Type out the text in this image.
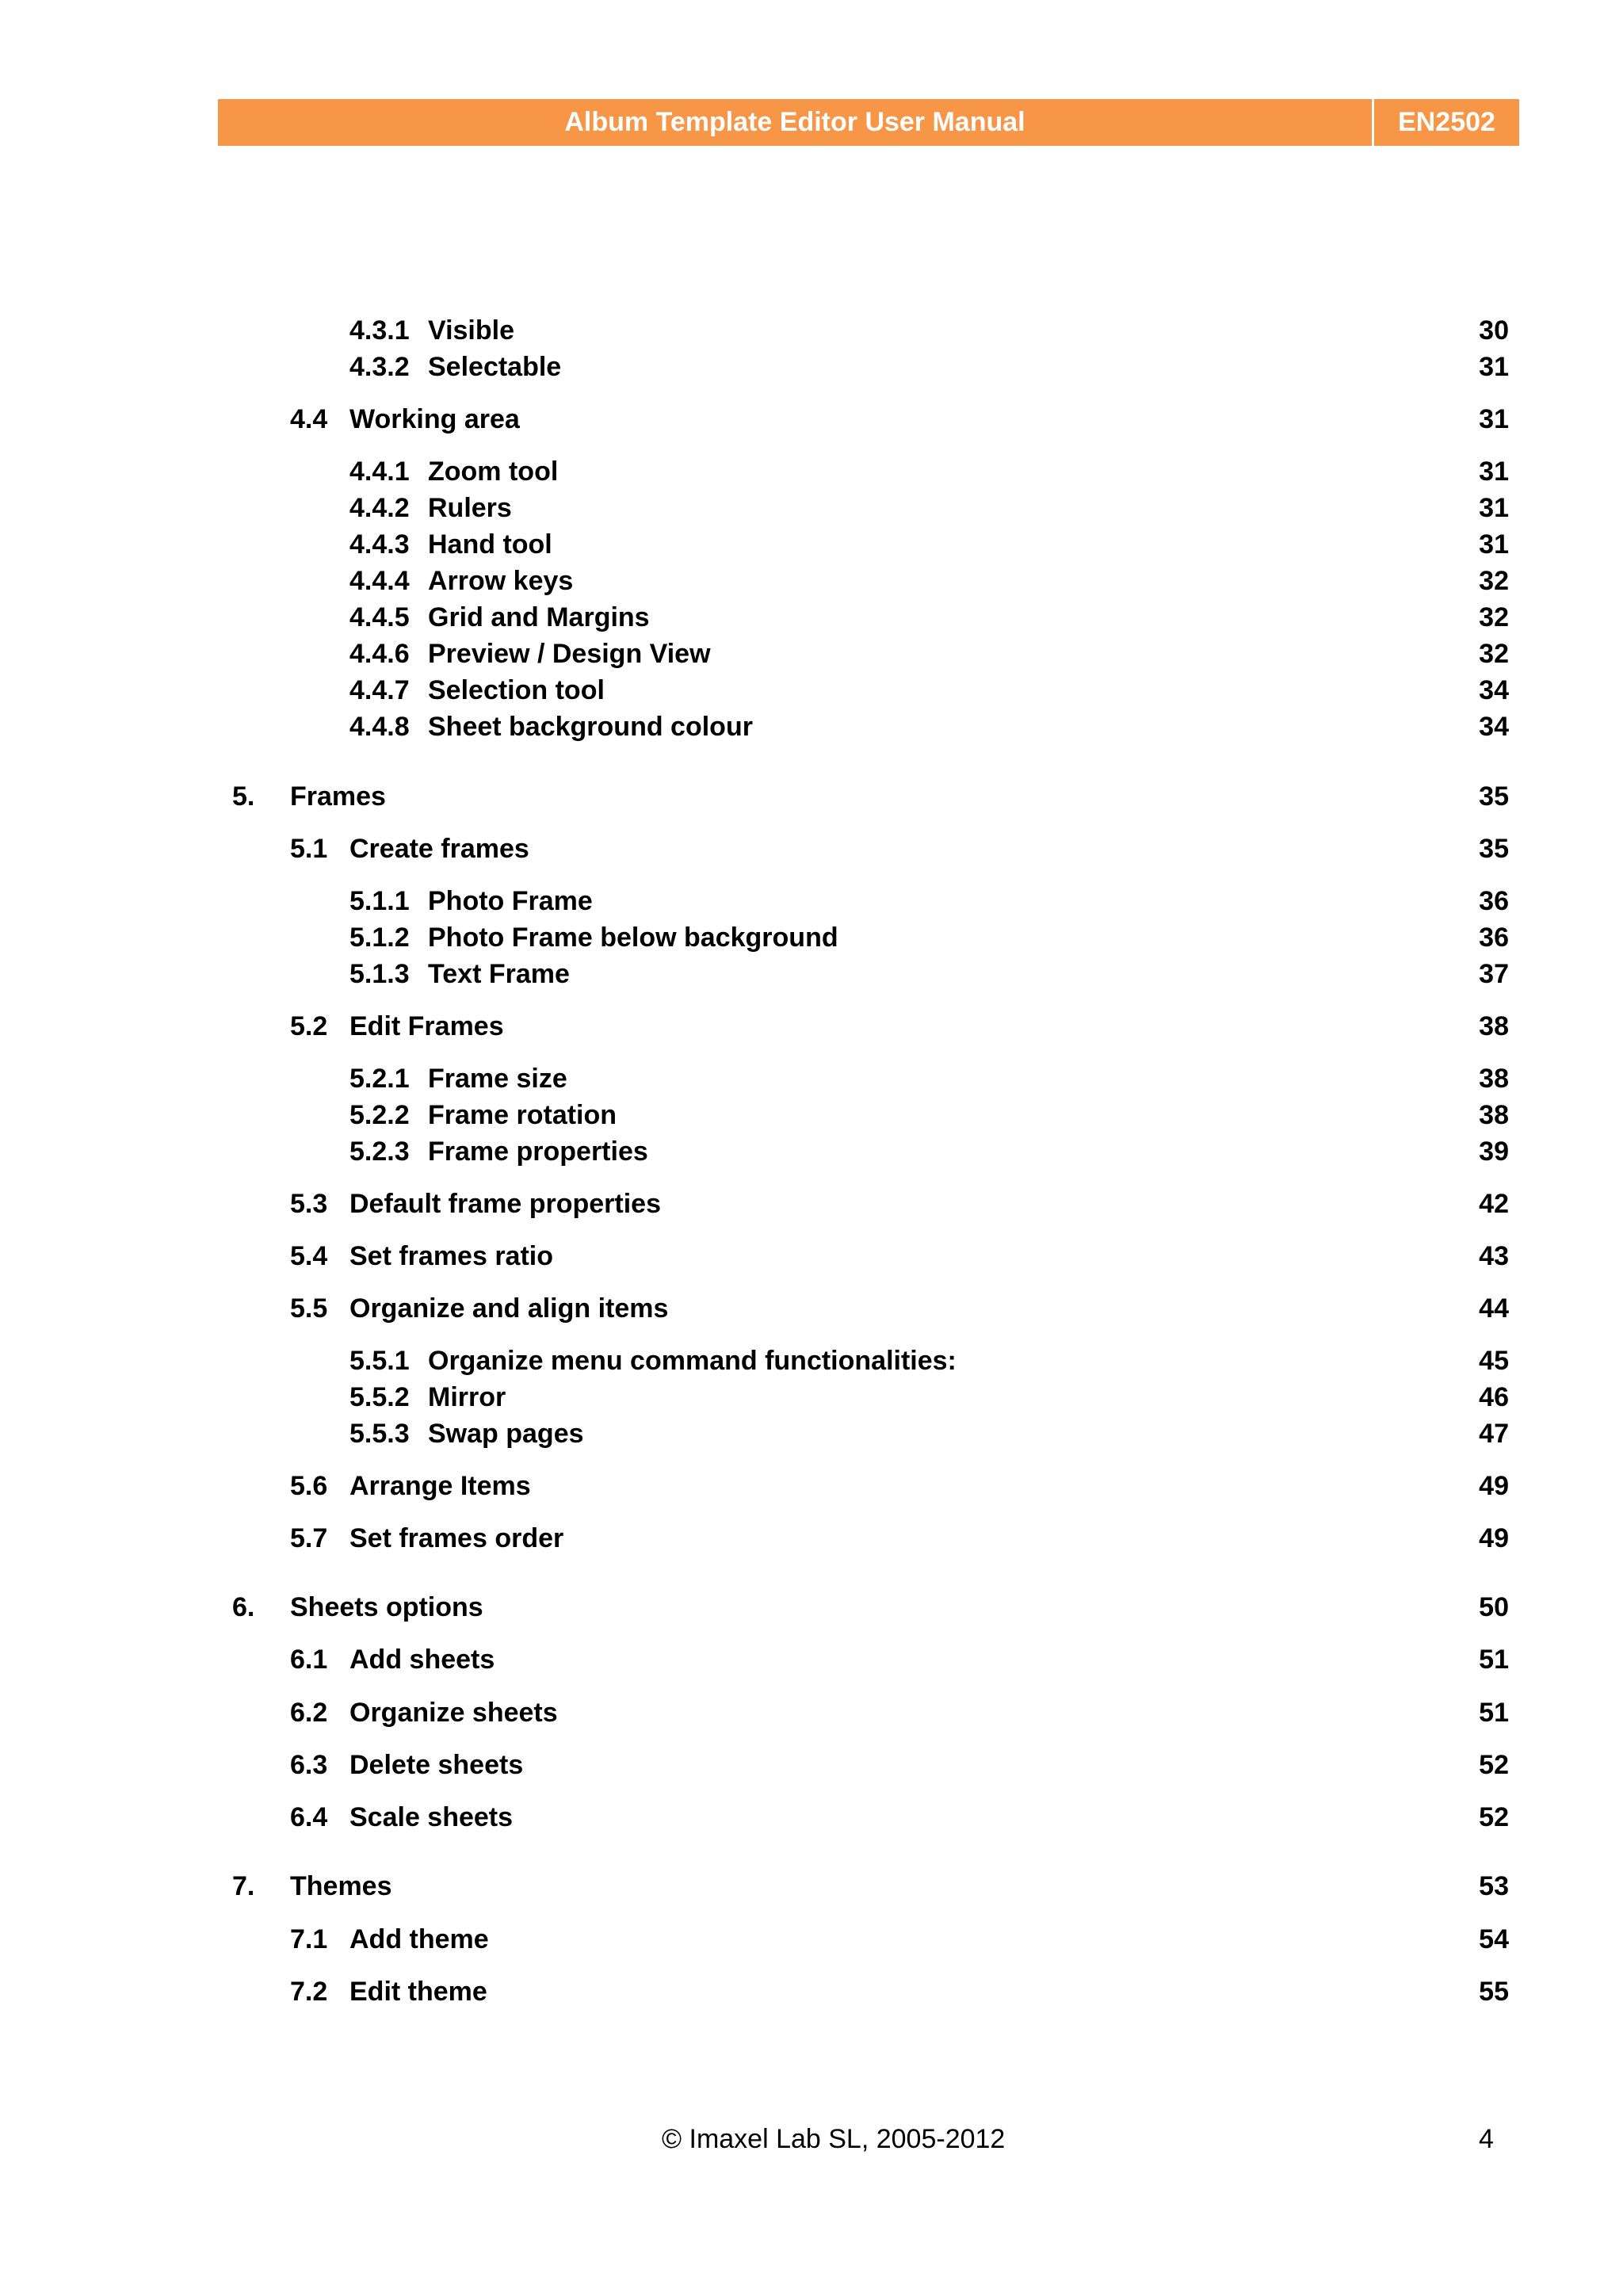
Album Template Editor User Manual	EN2502
4.3.1 Visible	30
4.3.2 Selectable	31
4.4 Working area	31
4.4.1 Zoom tool	31
4.4.2 Rulers	31
4.4.3 Hand tool	31
4.4.4 Arrow keys	32
4.4.5 Grid and Margins	32
4.4.6 Preview / Design View	32
4.4.7 Selection tool	34
4.4.8 Sheet background colour	34
5. Frames	35
5.1 Create frames	35
5.1.1 Photo Frame	36
5.1.2 Photo Frame below background	36
5.1.3 Text Frame	37
5.2 Edit Frames	38
5.2.1 Frame size	38
5.2.2 Frame rotation	38
5.2.3 Frame properties	39
5.3 Default frame properties	42
5.4 Set frames ratio	43
5.5 Organize and align items	44
5.5.1 Organize menu command functionalities:	45
5.5.2 Mirror	46
5.5.3 Swap pages	47
5.6 Arrange Items	49
5.7 Set frames order	49
6. Sheets options	50
6.1 Add sheets	51
6.2 Organize sheets	51
6.3 Delete sheets	52
6.4 Scale sheets	52
7. Themes	53
7.1 Add theme	54
7.2 Edit theme	55
© Imaxel Lab SL, 2005-2012	4
